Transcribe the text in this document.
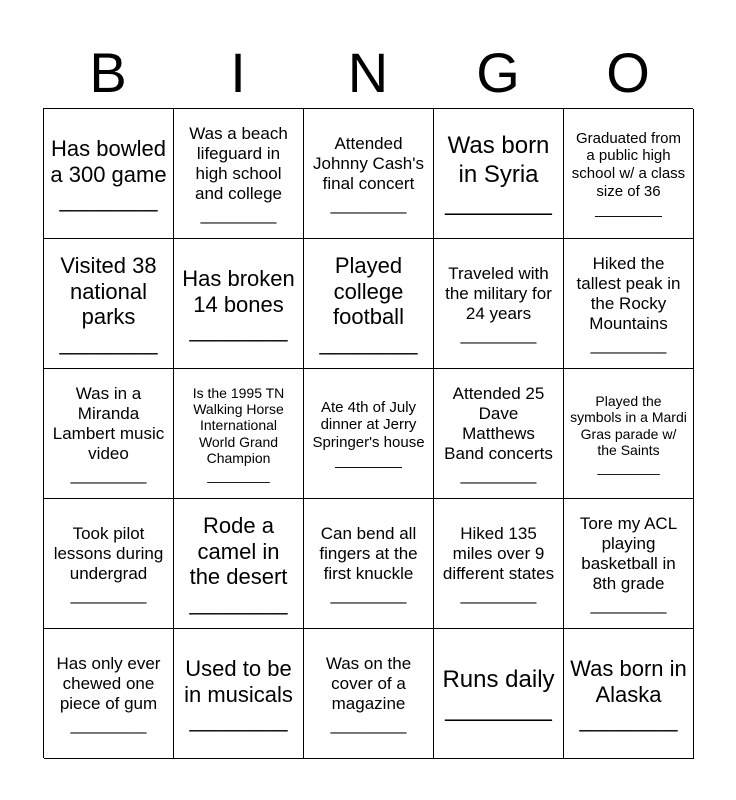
B	I	N	G	O
Has bowled a 300 game
________
Was a beach lifeguard in high school and college
________
Attended Johnny Cash's final concert
________
Was born in Syria
________
Graduated from a public high school w/ a class size of 36
________
Visited 38 national parks
________
Has broken 14 bones
________
Played college football
________
Traveled with the military for 24 years
________
Hiked the tallest peak in the Rocky Mountains
________
Was in a Miranda Lambert music video
________
Is the 1995 TN Walking Horse International World Grand Champion
________
Ate 4th of July dinner at Jerry Springer's house
________
Attended 25 Dave Matthews Band concerts
________
Played the symbols in a Mardi Gras parade w/ the Saints
________
Took pilot lessons during undergrad
________
Rode a camel in the desert
________
Can bend all fingers at the first knuckle
________
Hiked 135 miles over 9 different states
________
Tore my ACL playing basketball in 8th grade
________
Has only ever chewed one piece of gum
________
Used to be in musicals
________
Was on the cover of a magazine
________
Runs daily
________
Was born in Alaska
________
